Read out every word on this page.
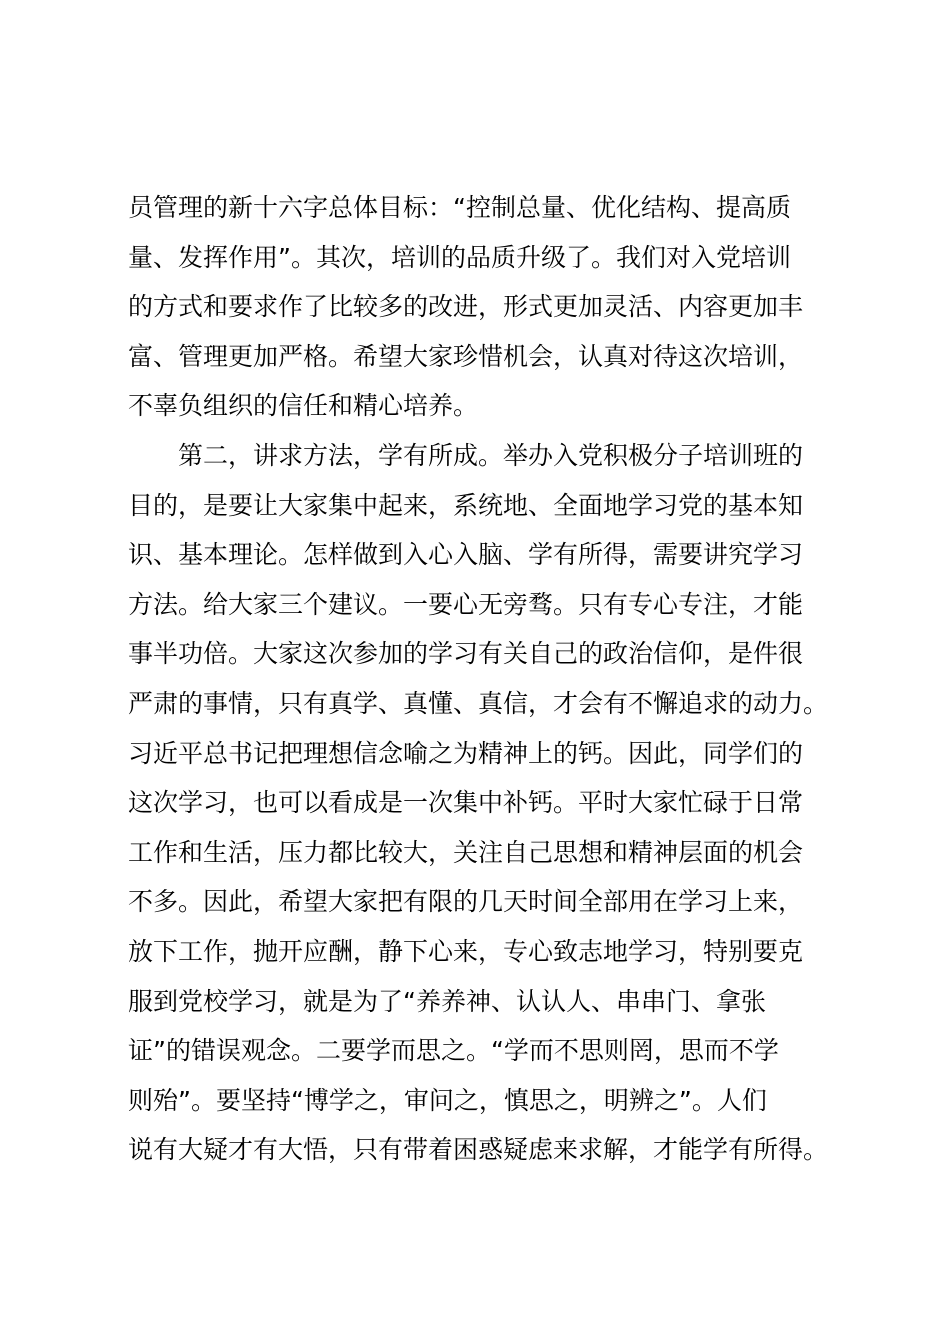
员管理的新十六字总体目标：“控制总量、优化结构、提高质
量、发挥作用”。其次，培训的品质升级了。我们对入党培训
的方式和要求作了比较多的改进，形式更加灵活、内容更加丰
富、管理更加严格。希望大家珍惜机会，认真对待这次培训，
不辜负组织的信任和精心培养。
第二，讲求方法，学有所成。举办入党积极分子培训班的
目的，是要让大家集中起来，系统地、全面地学习党的基本知
识、基本理论。怎样做到入心入脑、学有所得，需要讲究学习
方法。给大家三个建议。一要心无旁骛。只有专心专注，才能
事半功倍。大家这次参加的学习有关自己的政治信仰，是件很
严肃的事情，只有真学、真懂、真信，才会有不懈追求的动力。
习近平总书记把理想信念喻之为精神上的钙。因此，同学们的
这次学习，也可以看成是一次集中补钙。平时大家忙碌于日常
工作和生活，压力都比较大，关注自己思想和精神层面的机会
不多。因此，希望大家把有限的几天时间全部用在学习上来，
放下工作，抛开应酬，静下心来，专心致志地学习，特别要克
服到党校学习，就是为了“养养神、认认人、串串门、拿张
证”的错误观念。二要学而思之。“学而不思则罔，思而不学
则殆”。要坚持“博学之，审问之，慎思之，明辨之”。人们
说有大疑才有大悟，只有带着困惑疑虑来求解，才能学有所得。
